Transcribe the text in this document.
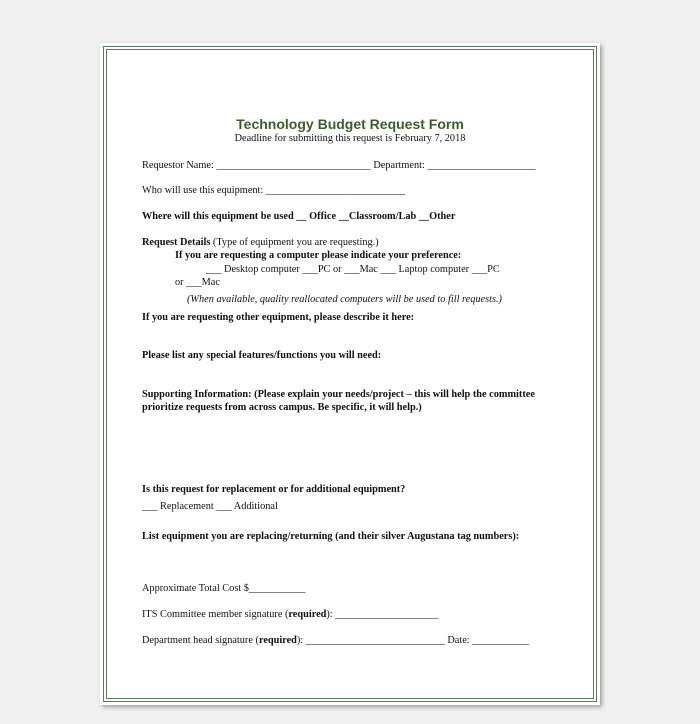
Technology Budget Request Form
Deadline for submitting this request is February 7, 2018
Requestor Name: ______________________________ Department: _____________________
Who will use this equipment: ___________________________
Where will this equipment be used __ Office __Classroom/Lab __Other
Request Details (Type of equipment you are requesting.)
If you are requesting a computer please indicate your preference:
___ Desktop computer ___PC or ___Mac ___ Laptop computer ___PC
or ___Mac
(When available, quality reallocated computers will be used to fill requests.)
If you are requesting other equipment, please describe it here:
Please list any special features/functions you will need:
Supporting Information: (Please explain your needs/project – this will help the committee
prioritize requests from across campus. Be specific, it will help.)
Is this request for replacement or for additional equipment?
___ Replacement ___ Additional
List equipment you are replacing/returning (and their silver Augustana tag numbers):
Approximate Total Cost $___________
ITS Committee member signature (required): ____________________
Department head signature (required): ___________________________ Date: ___________
